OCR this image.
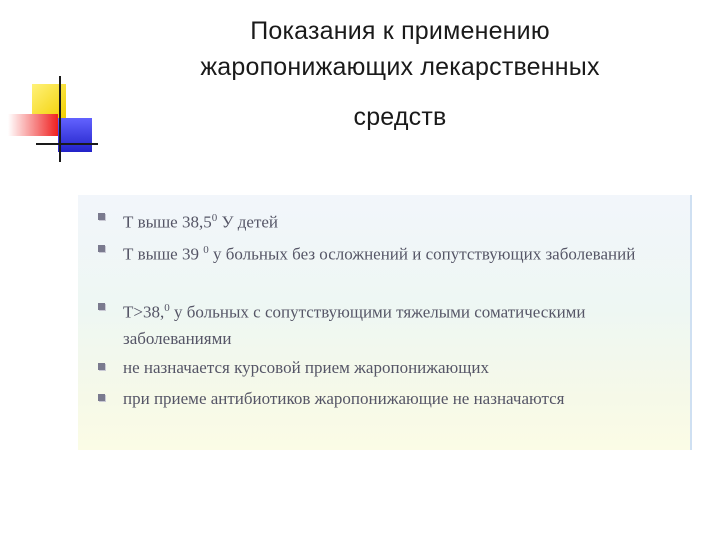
Показания к применению
жаропонижающих лекарственных
средств
Т выше 38,5$^0$ У детей
Т выше 39 $^0$ у больных без осложнений и сопутствующих заболеваний
Т>38,$^0$ у больных с сопутствующими тяжелыми соматическими заболеваниями
не назначается курсовой прием жаропонижающих
при приеме антибиотиков жаропонижающие не назначаются
